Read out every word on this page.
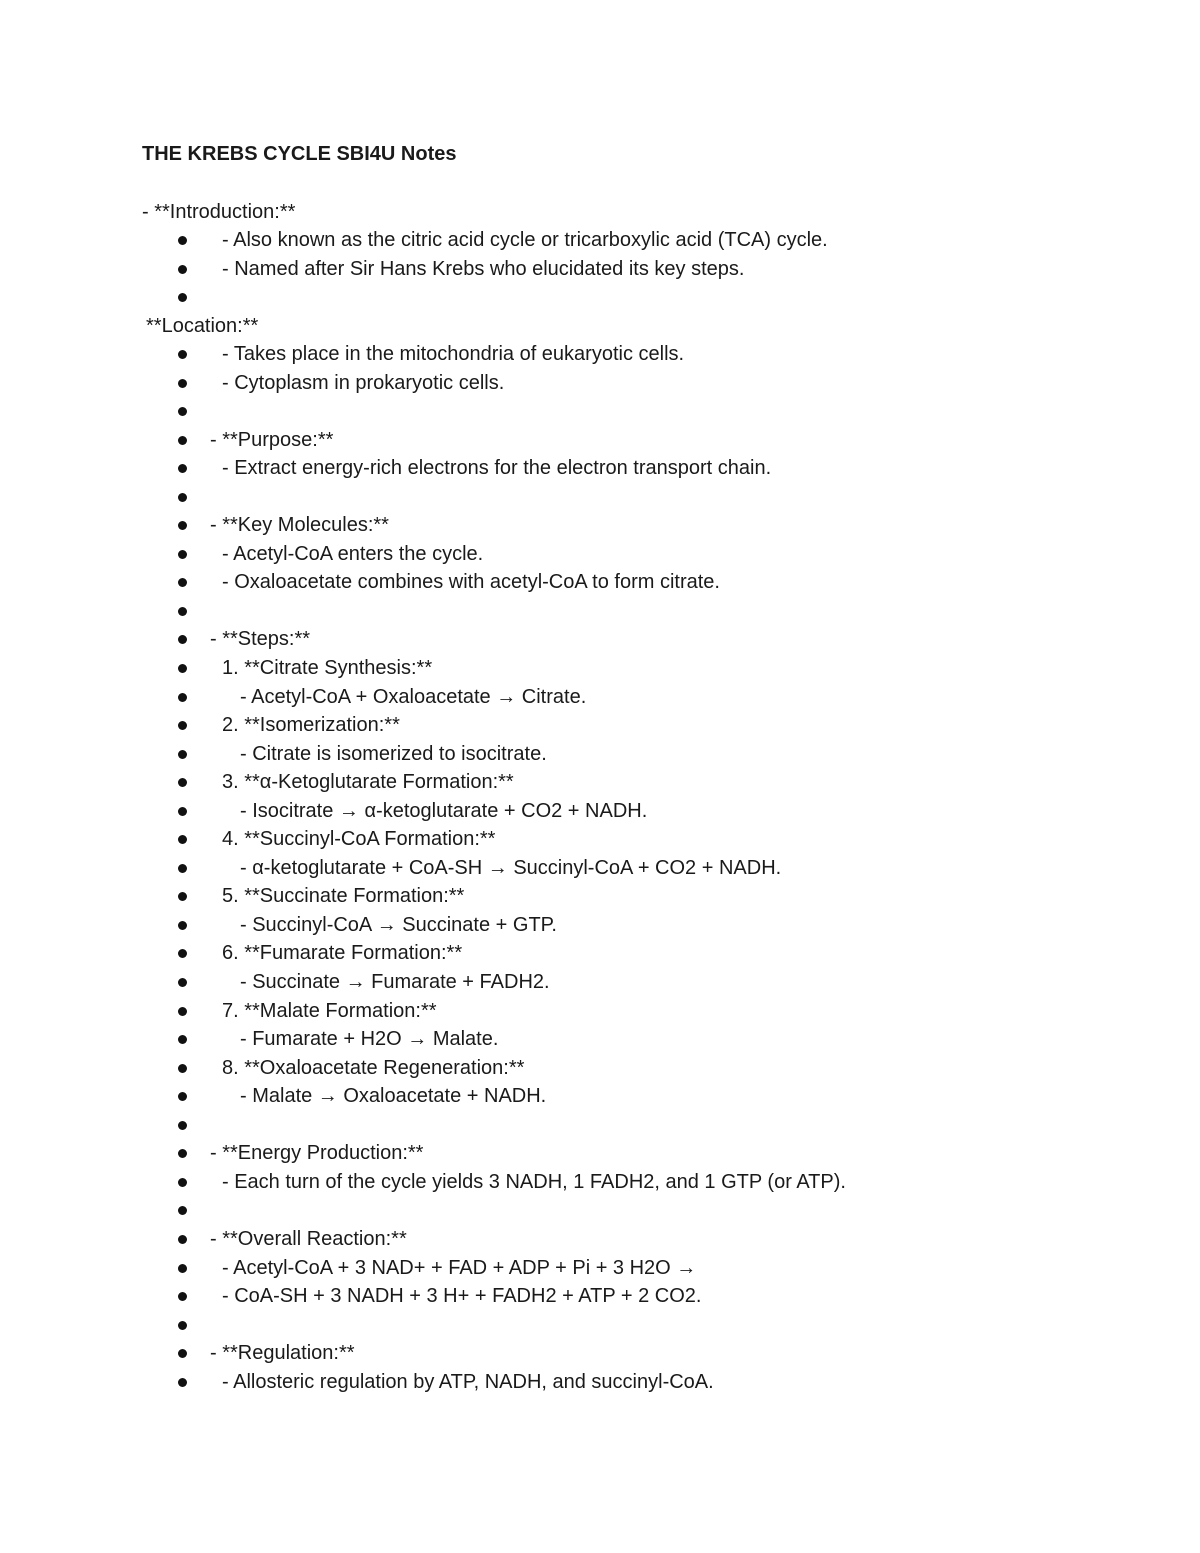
THE KREBS CYCLE SBI4U Notes
- **Introduction:**
- Also known as the citric acid cycle or tricarboxylic acid (TCA) cycle.
- Named after Sir Hans Krebs who elucidated its key steps.
**Location:**
- Takes place in the mitochondria of eukaryotic cells.
- Cytoplasm in prokaryotic cells.
- **Purpose:**
- Extract energy-rich electrons for the electron transport chain.
- **Key Molecules:**
- Acetyl-CoA enters the cycle.
- Oxaloacetate combines with acetyl-CoA to form citrate.
- **Steps:**
1. **Citrate Synthesis:**
- Acetyl-CoA + Oxaloacetate → Citrate.
2. **Isomerization:**
- Citrate is isomerized to isocitrate.
3. **α-Ketoglutarate Formation:**
- Isocitrate → α-ketoglutarate + CO2 + NADH.
4. **Succinyl-CoA Formation:**
- α-ketoglutarate + CoA-SH → Succinyl-CoA + CO2 + NADH.
5. **Succinate Formation:**
- Succinyl-CoA → Succinate + GTP.
6. **Fumarate Formation:**
- Succinate → Fumarate + FADH2.
7. **Malate Formation:**
- Fumarate + H2O → Malate.
8. **Oxaloacetate Regeneration:**
- Malate → Oxaloacetate + NADH.
- **Energy Production:**
- Each turn of the cycle yields 3 NADH, 1 FADH2, and 1 GTP (or ATP).
- **Overall Reaction:**
- Acetyl-CoA + 3 NAD+ + FAD + ADP + Pi + 3 H2O →
- CoA-SH + 3 NADH + 3 H+ + FADH2 + ATP + 2 CO2.
- **Regulation:**
- Allosteric regulation by ATP, NADH, and succinyl-CoA.
